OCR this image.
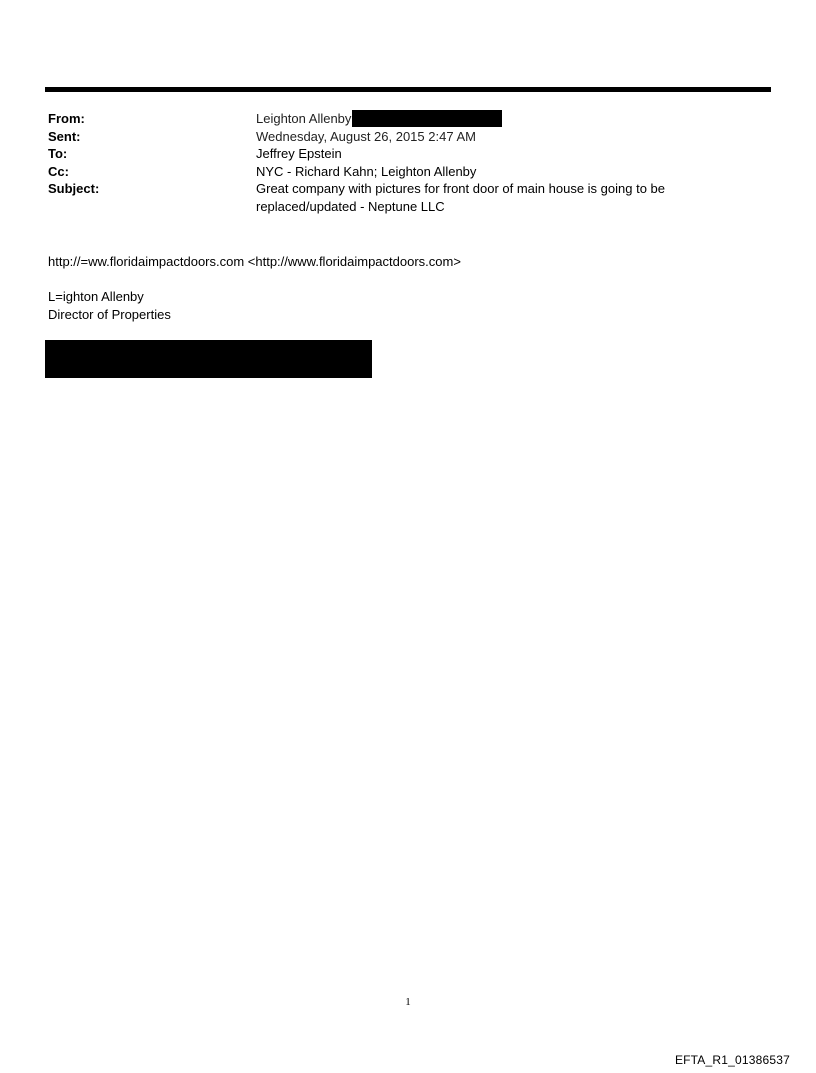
From:	Leighton Allenby
Sent:	Wednesday, August 26, 2015 2:47 AM
To:	Jeffrey Epstein
Cc:	NYC - Richard Kahn; Leighton Allenby
Subject:	Great company with pictures for front door of main house is going to be
replaced/updated - Neptune LLC
http://=ww.floridaimpactdoors.com <http://www.floridaimpactdoors.com>
L=ighton Allenby
Director of Properties
1
EFTA_R1_01386537
